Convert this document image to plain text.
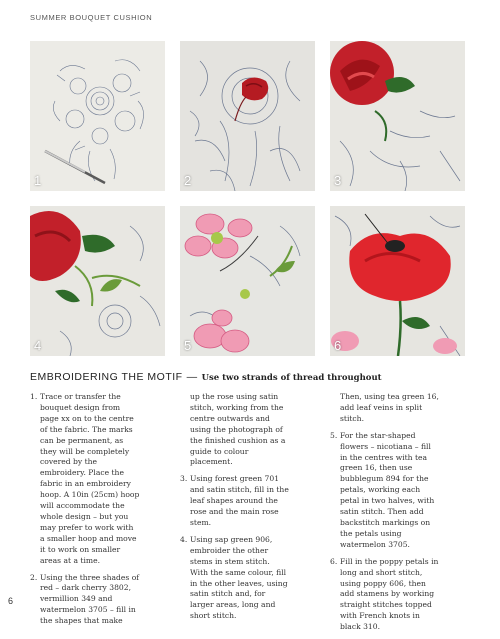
SUMMER BOUQUET CUSHION
1	2	3
4	5	6
EMBROIDERING THE MOTIF — Use two strands of thread throughout
1. Trace or transfer the bouquet design from page xx on to the centre of the fabric. The marks can be permanent, as they will be completely covered by the embroidery. Place the fabric in an embroidery hoop. A 10in (25cm) hoop will accommodate the whole design – but you may prefer to work with a smaller hoop and move it to work on smaller areas at a time.
2. Using the three shades of red – dark cherry 3802, vermillion 349 and watermelon 3705 – fill in the shapes that make
up the rose using satin stitch, working from the centre outwards and using the photograph of the finished cushion as a guide to colour placement.
3. Using forest green 701 and satin stitch, fill in the leaf shapes around the rose and the main rose stem.
4. Using sap green 906, embroider the other stems in stem stitch. With the same colour, fill in the other leaves, using satin stitch and, for larger areas, long and short stitch.
Then, using tea green 16, add leaf veins in split stitch.
5. For the star-shaped flowers – nicotiana – fill in the centres with tea green 16, then use bubblegum 894 for the petals, working each petal in two halves, with satin stitch. Then add backstitch markings on the petals using watermelon 3705.
6. Fill in the poppy petals in long and short stitch, using poppy 606, then add stamens by working straight stitches topped with French knots in black 310.
6
